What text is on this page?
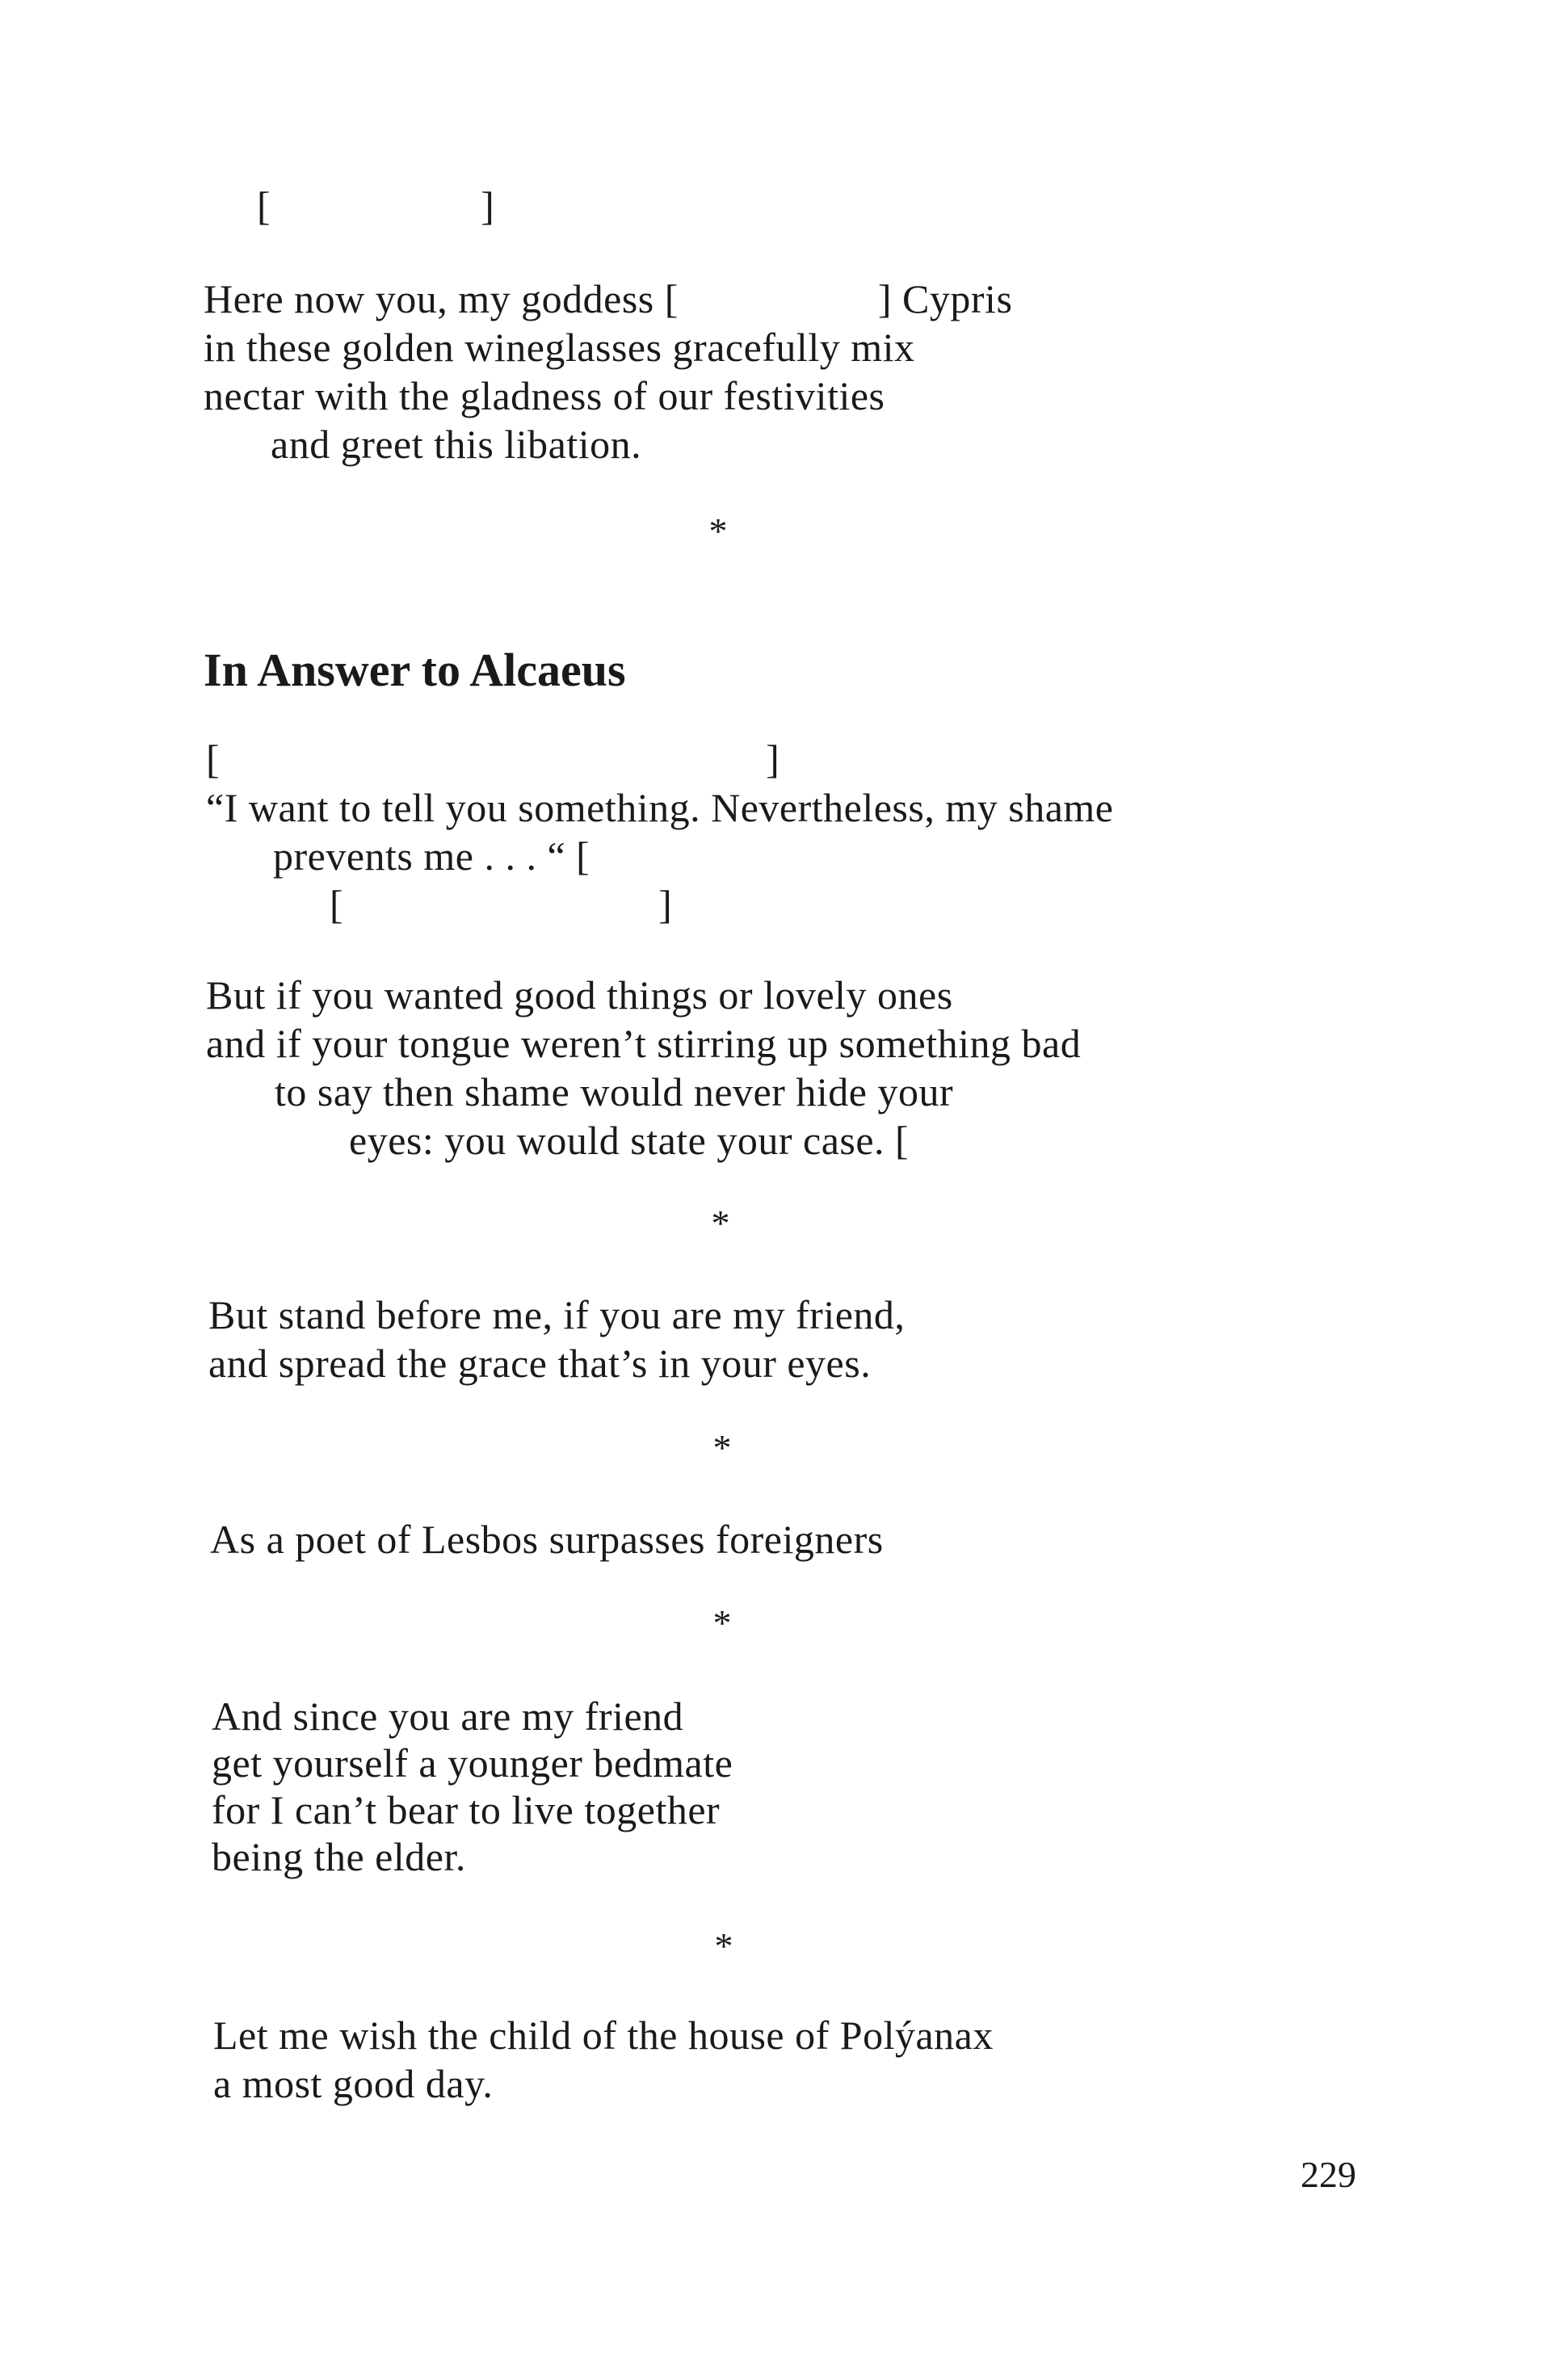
[                    ]
Here now you, my goddess [                   ] Cypris
in these golden wineglasses gracefully mix
nectar with the gladness of our festivities
and greet this libation.
*
In Answer to Alcaeus
[                                                    ]
“I want to tell you something. Nevertheless, my shame
prevents me . . . “ [
[                              ]
But if you wanted good things or lovely ones
and if your tongue weren’t stirring up something bad
to say then shame would never hide your
eyes: you would state your case. [
*
But stand before me, if you are my friend,
and spread the grace that’s in your eyes.
*
As a poet of Lesbos surpasses foreigners
*
And since you are my friend
get yourself a younger bedmate
for I can’t bear to live together
being the elder.
*
Let me wish the child of the house of Polýanax
a most good day.
229
